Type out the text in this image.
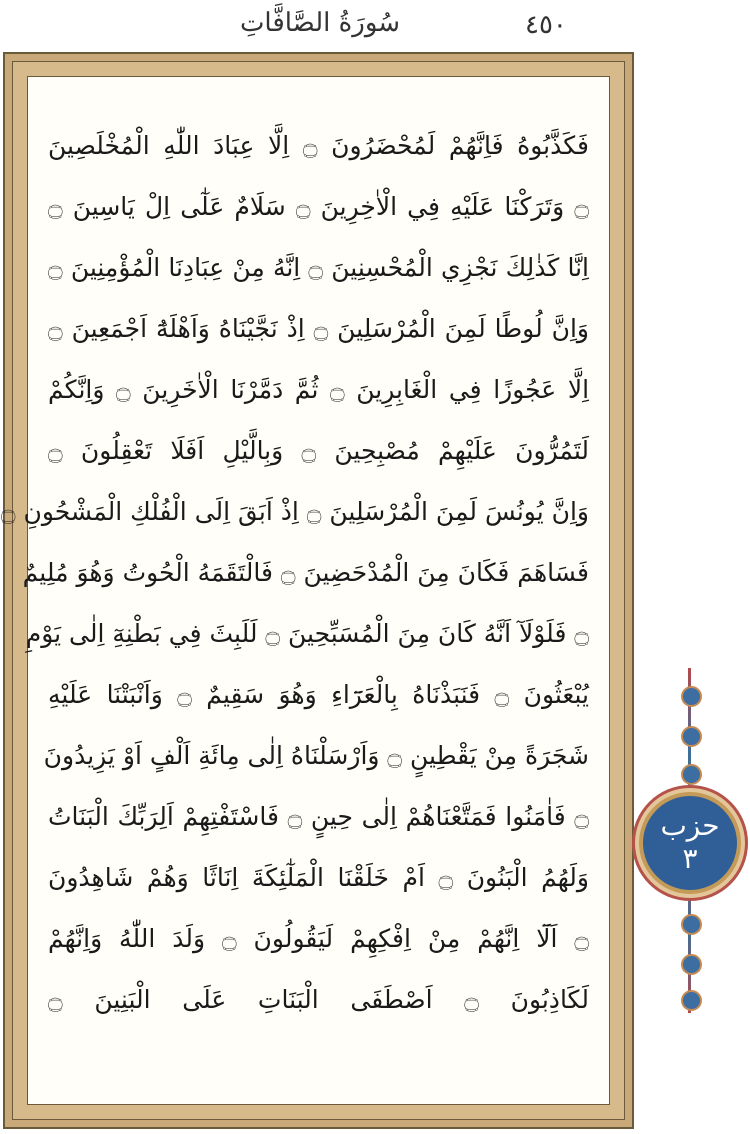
٤٥٠
سُورَةُ الصَّافَّاتِ
فَكَذَّبُوهُ فَاِنَّهُمْ لَمُحْضَرُونَ ۝ اِلَّا عِبَادَ اللّٰهِ الْمُخْلَصِينَ
۝ وَتَرَكْنَا عَلَيْهِ فِي الْاٰخِرِينَ ۝ سَلَامٌ عَلٰٓى اِلْ يَاسِينَ ۝
اِنَّا كَذٰلِكَ نَجْزِي الْمُحْسِنِينَ ۝ اِنَّهُ مِنْ عِبَادِنَا الْمُؤْمِنِينَ ۝
وَاِنَّ لُوطًا لَمِنَ الْمُرْسَلِينَ ۝ اِذْ نَجَّيْنَاهُ وَاَهْلَهُٓ اَجْمَعِينَ ۝
اِلَّا عَجُوزًا فِي الْغَابِرِينَ ۝ ثُمَّ دَمَّرْنَا الْاٰخَرِينَ ۝ وَاِنَّكُمْ
لَتَمُرُّونَ عَلَيْهِمْ مُصْبِحِينَ ۝ وَبِالَّيْلِ اَفَلَا تَعْقِلُونَ ۝
وَاِنَّ يُونُسَ لَمِنَ الْمُرْسَلِينَ ۝ اِذْ اَبَقَ اِلَى الْفُلْكِ الْمَشْحُونِ ۝
فَسَاهَمَ فَكَانَ مِنَ الْمُدْحَضِينَ ۝ فَالْتَقَمَهُ الْحُوتُ وَهُوَ مُلِيمٌ
۝ فَلَوْلَآ اَنَّهُ كَانَ مِنَ الْمُسَبِّحِينَ ۝ لَلَبِثَ فِي بَطْنِهِٓ اِلٰى يَوْمِ
يُبْعَثُونَ ۝ فَنَبَذْنَاهُ بِالْعَرَٓاءِ وَهُوَ سَقِيمٌ ۝ وَاَنْبَتْنَا عَلَيْهِ
شَجَرَةً مِنْ يَقْطِينٍ ۝ وَاَرْسَلْنَاهُ اِلٰى مِائَةِ اَلْفٍ اَوْ يَزِيدُونَ
۝ فَاٰمَنُوا فَمَتَّعْنَاهُمْ اِلٰى حِينٍ ۝ فَاسْتَفْتِهِمْ اَلِرَبِّكَ الْبَنَاتُ
وَلَهُمُ الْبَنُونَ ۝ اَمْ خَلَقْنَا الْمَلٰٓئِكَةَ اِنَاثًا وَهُمْ شَاهِدُونَ
۝ اَلَٓا اِنَّهُمْ مِنْ اِفْكِهِمْ لَيَقُولُونَ ۝ وَلَدَ اللّٰهُ وَاِنَّهُمْ
لَكَاذِبُونَ ۝ اَصْطَفَى الْبَنَاتِ عَلَى الْبَنِينَ ۝
حزب
٣
